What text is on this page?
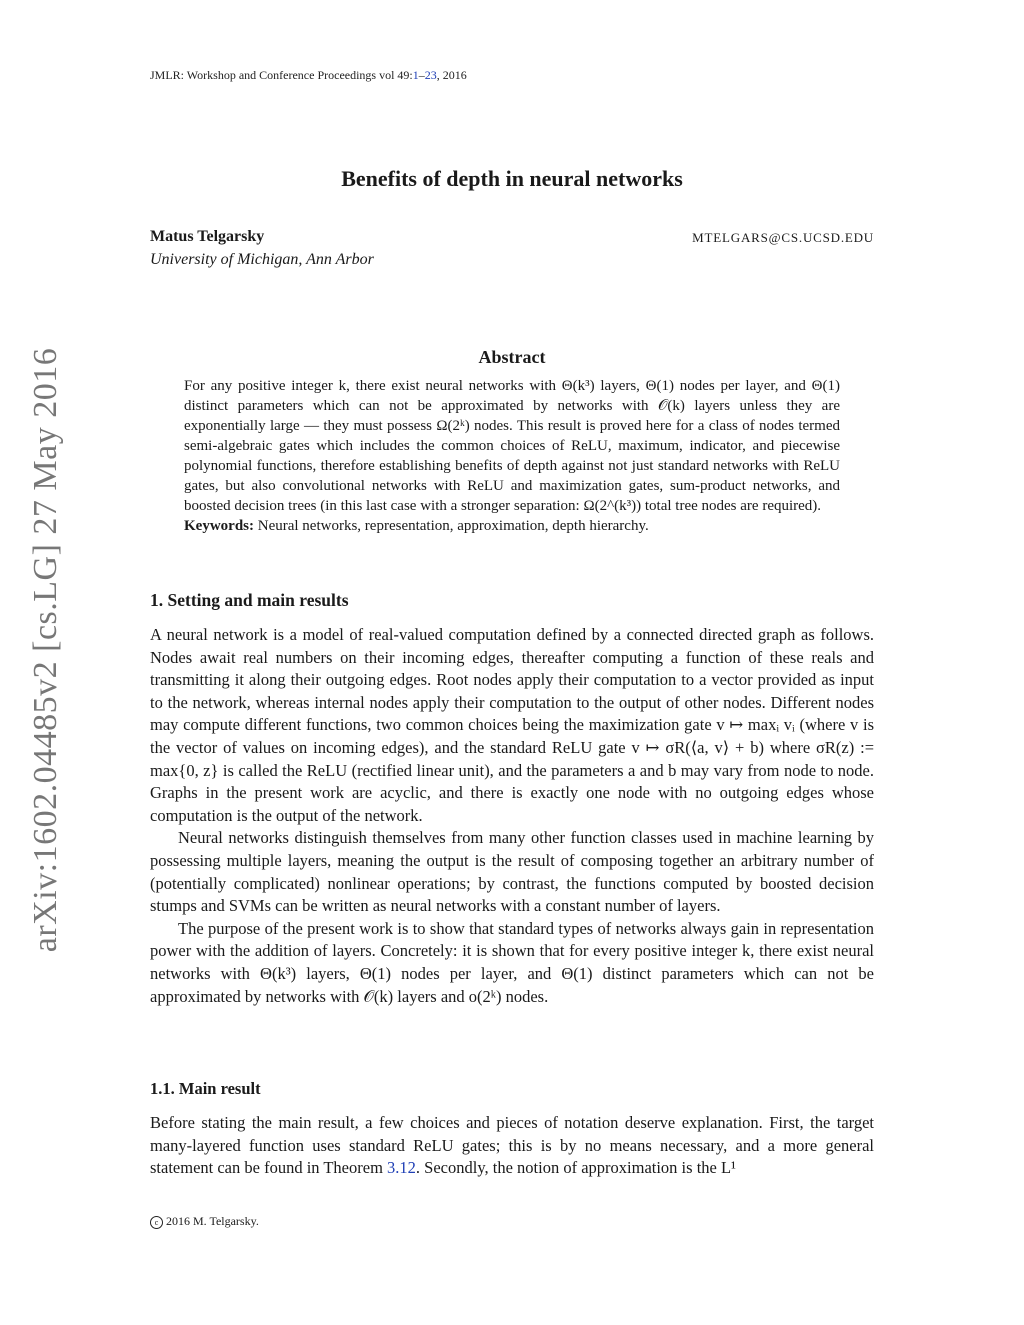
JMLR: Workshop and Conference Proceedings vol 49:1–23, 2016
arXiv:1602.04485v2 [cs.LG] 27 May 2016
Benefits of depth in neural networks
Matus Telgarsky
University of Michigan, Ann Arbor
MTELGARS@CS.UCSD.EDU
Abstract

For any positive integer k, there exist neural networks with Θ(k³) layers, Θ(1) nodes per layer, and Θ(1) distinct parameters which can not be approximated by networks with 𝒪(k) layers unless they are exponentially large — they must possess Ω(2ᵏ) nodes. This result is proved here for a class of nodes termed semi-algebraic gates which includes the common choices of ReLU, maximum, indicator, and piecewise polynomial functions, therefore establishing benefits of depth against not just standard networks with ReLU gates, but also convolutional networks with ReLU and maximization gates, sum-product networks, and boosted decision trees (in this last case with a stronger separation: Ω(2^(k³)) total tree nodes are required).

Keywords: Neural networks, representation, approximation, depth hierarchy.

1. Setting and main results

A neural network is a model of real-valued computation defined by a connected directed graph as follows. Nodes await real numbers on their incoming edges, thereafter computing a function of these reals and transmitting it along their outgoing edges. Root nodes apply their computation to a vector provided as input to the network, whereas internal nodes apply their computation to the output of other nodes. Different nodes may compute different functions, two common choices being the maximization gate v ↦ maxᵢ vᵢ (where v is the vector of values on incoming edges), and the standard ReLU gate v ↦ σR(⟨a, v⟩ + b) where σR(z) := max{0, z} is called the ReLU (rectified linear unit), and the parameters a and b may vary from node to node. Graphs in the present work are acyclic, and there is exactly one node with no outgoing edges whose computation is the output of the network.

Neural networks distinguish themselves from many other function classes used in machine learning by possessing multiple layers, meaning the output is the result of composing together an arbitrary number of (potentially complicated) nonlinear operations; by contrast, the functions computed by boosted decision stumps and SVMs can be written as neural networks with a constant number of layers.

The purpose of the present work is to show that standard types of networks always gain in representation power with the addition of layers. Concretely: it is shown that for every positive integer k, there exist neural networks with Θ(k³) layers, Θ(1) nodes per layer, and Θ(1) distinct parameters which can not be approximated by networks with 𝒪(k) layers and o(2ᵏ) nodes.

1.1. Main result

Before stating the main result, a few choices and pieces of notation deserve explanation. First, the target many-layered function uses standard ReLU gates; this is by no means necessary, and a more general statement can be found in Theorem 3.12. Secondly, the notion of approximation is the L¹

c 2016 M. Telgarsky.
